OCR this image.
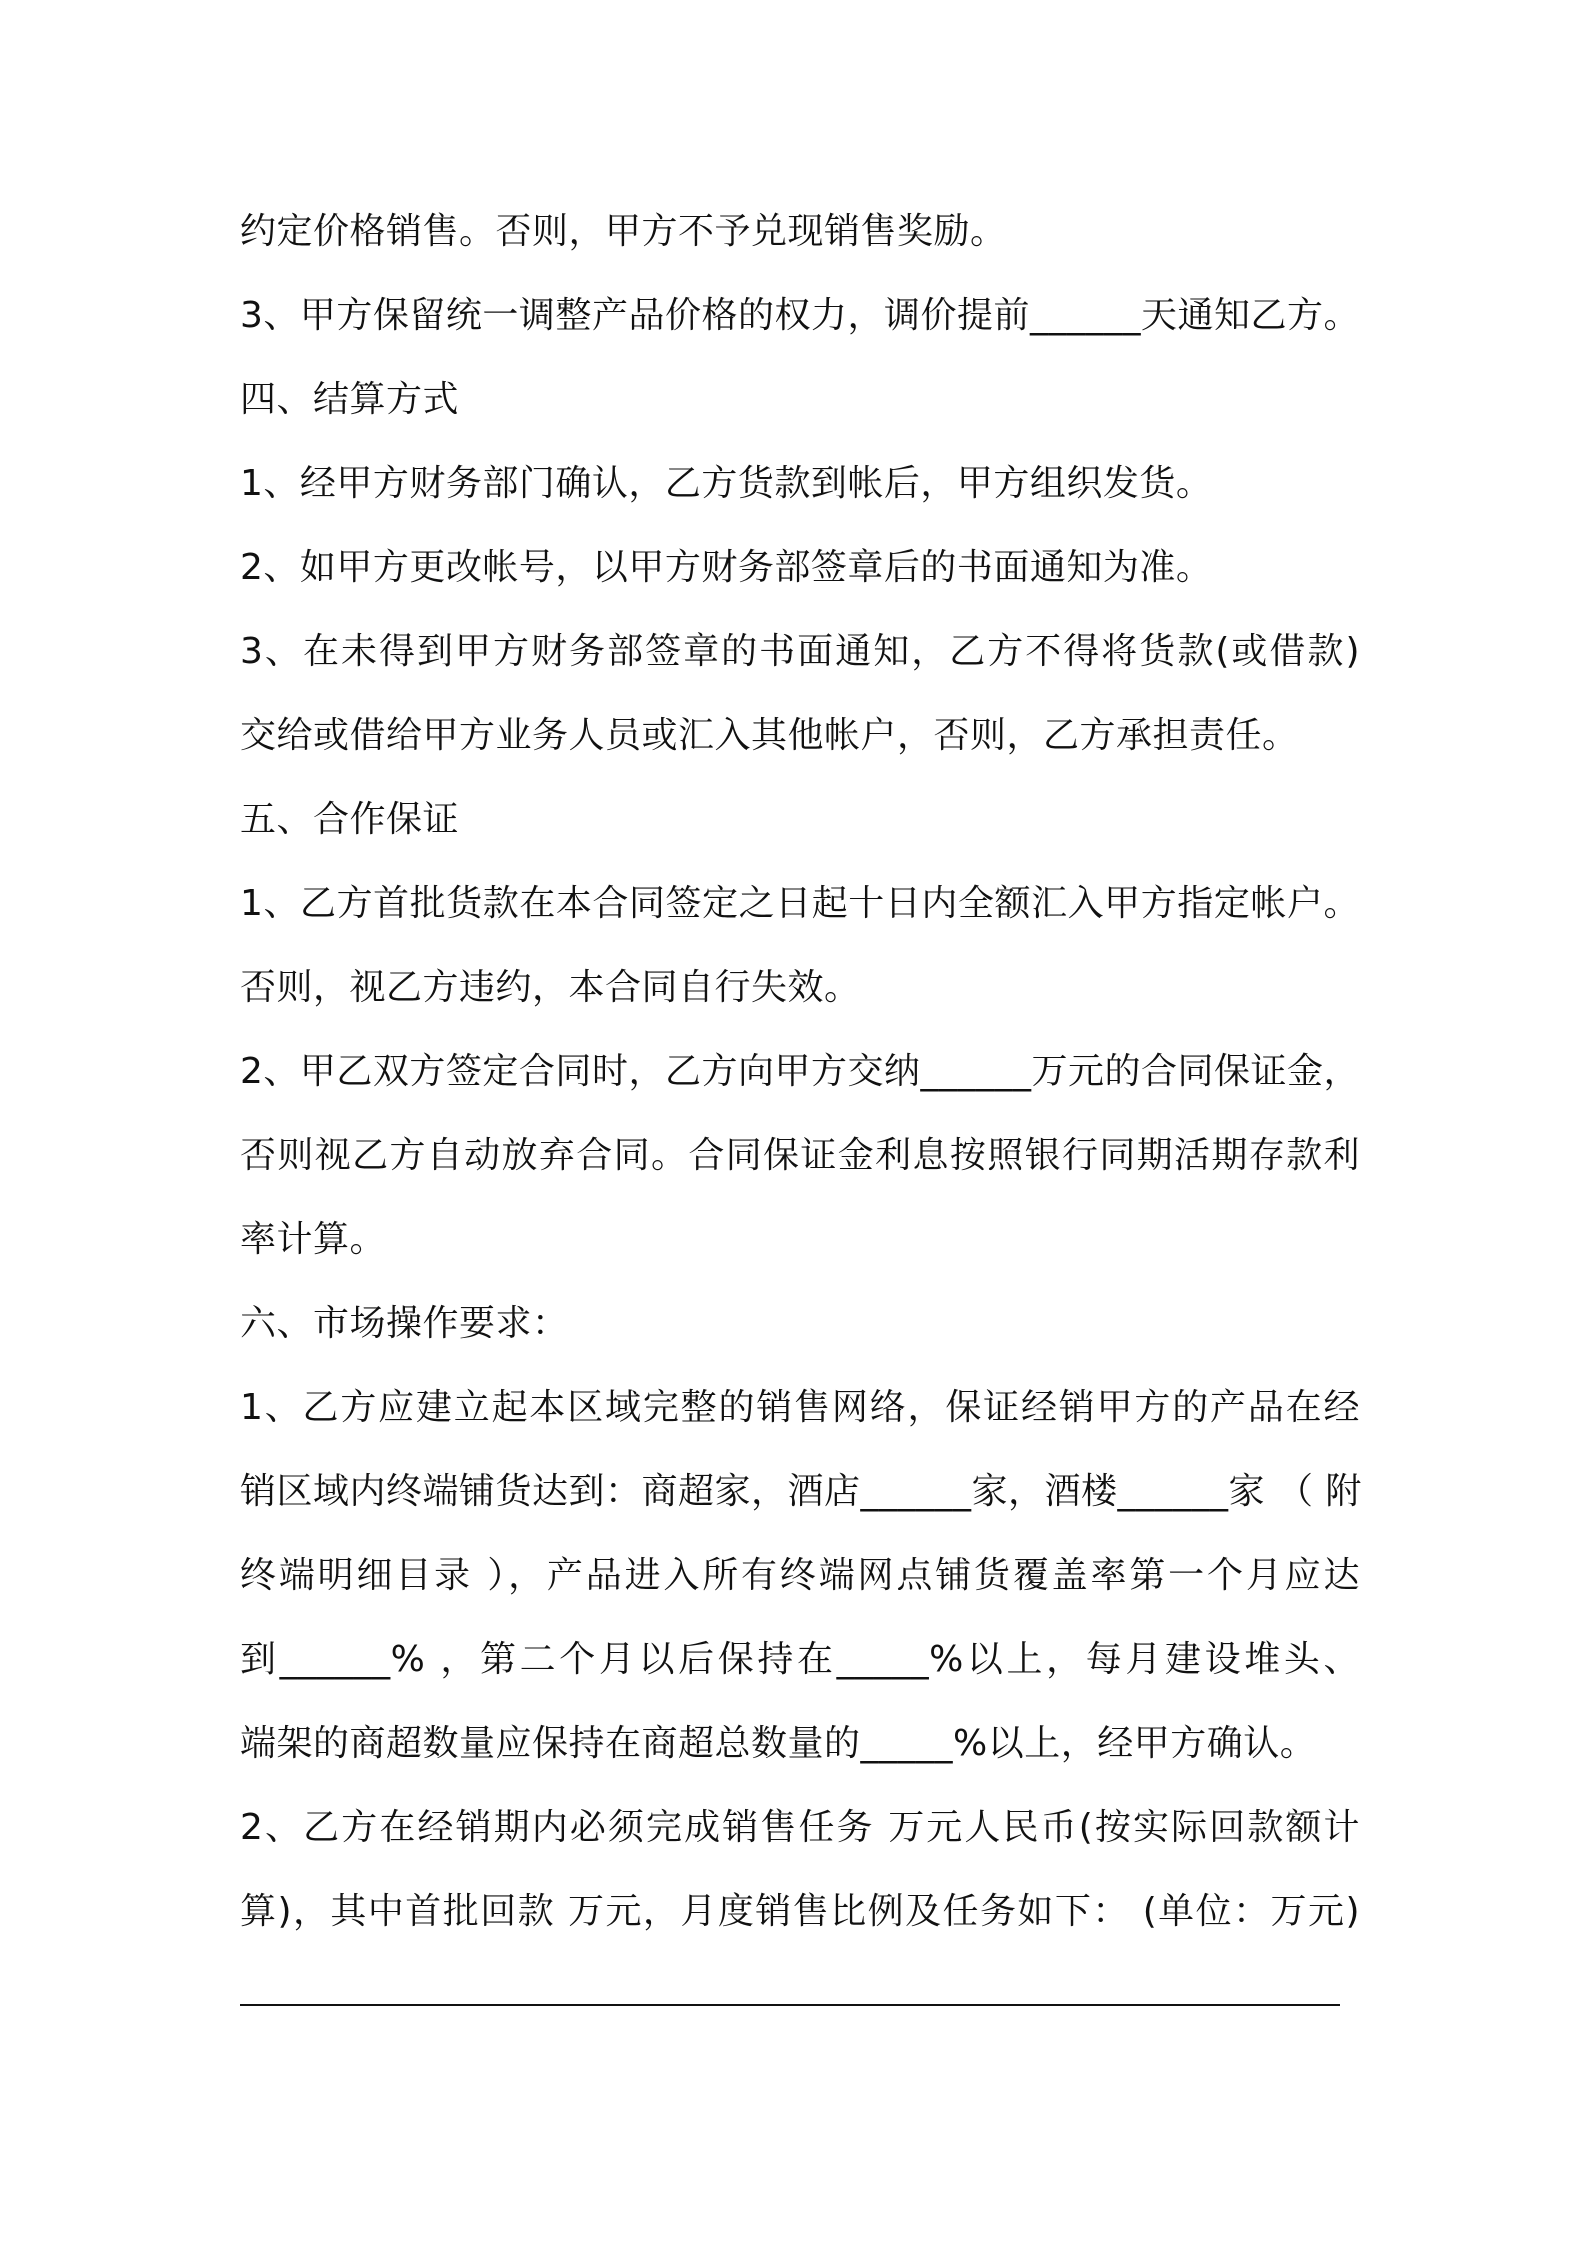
约定价格销售。否则，甲方不予兑现销售奖励。
3、甲方保留统一调整产品价格的权力，调价提前______天通知乙方。
四、结算方式
1、经甲方财务部门确认，乙方货款到帐后，甲方组织发货。
2、如甲方更改帐号，以甲方财务部签章后的书面通知为准。
3、在未得到甲方财务部签章的书面通知，乙方不得将货款(或借款)
交给或借给甲方业务人员或汇入其他帐户，否则，乙方承担责任。
五、合作保证
1、乙方首批货款在本合同签定之日起十日内全额汇入甲方指定帐户。
否则，视乙方违约，本合同自行失效。
2、甲乙双方签定合同时，乙方向甲方交纳______万元的合同保证金，
否则视乙方自动放弃合同。合同保证金利息按照银行同期活期存款利
率计算。
六、市场操作要求：
1、乙方应建立起本区域完整的销售网络，保证经销甲方的产品在经
销区域内终端铺货达到：商超家，酒店______家，酒楼______家 （ 附
终端明细目录 ），产品进入所有终端网点铺货覆盖率第一个月应达
到______% ，第二个月以后保持在_____%以上，每月建设堆头、
端架的商超数量应保持在商超总数量的_____%以上，经甲方确认。
2、乙方在经销期内必须完成销售任务 万元人民币(按实际回款额计
算)，其中首批回款 万元，月度销售比例及任务如下： (单位：万元)
